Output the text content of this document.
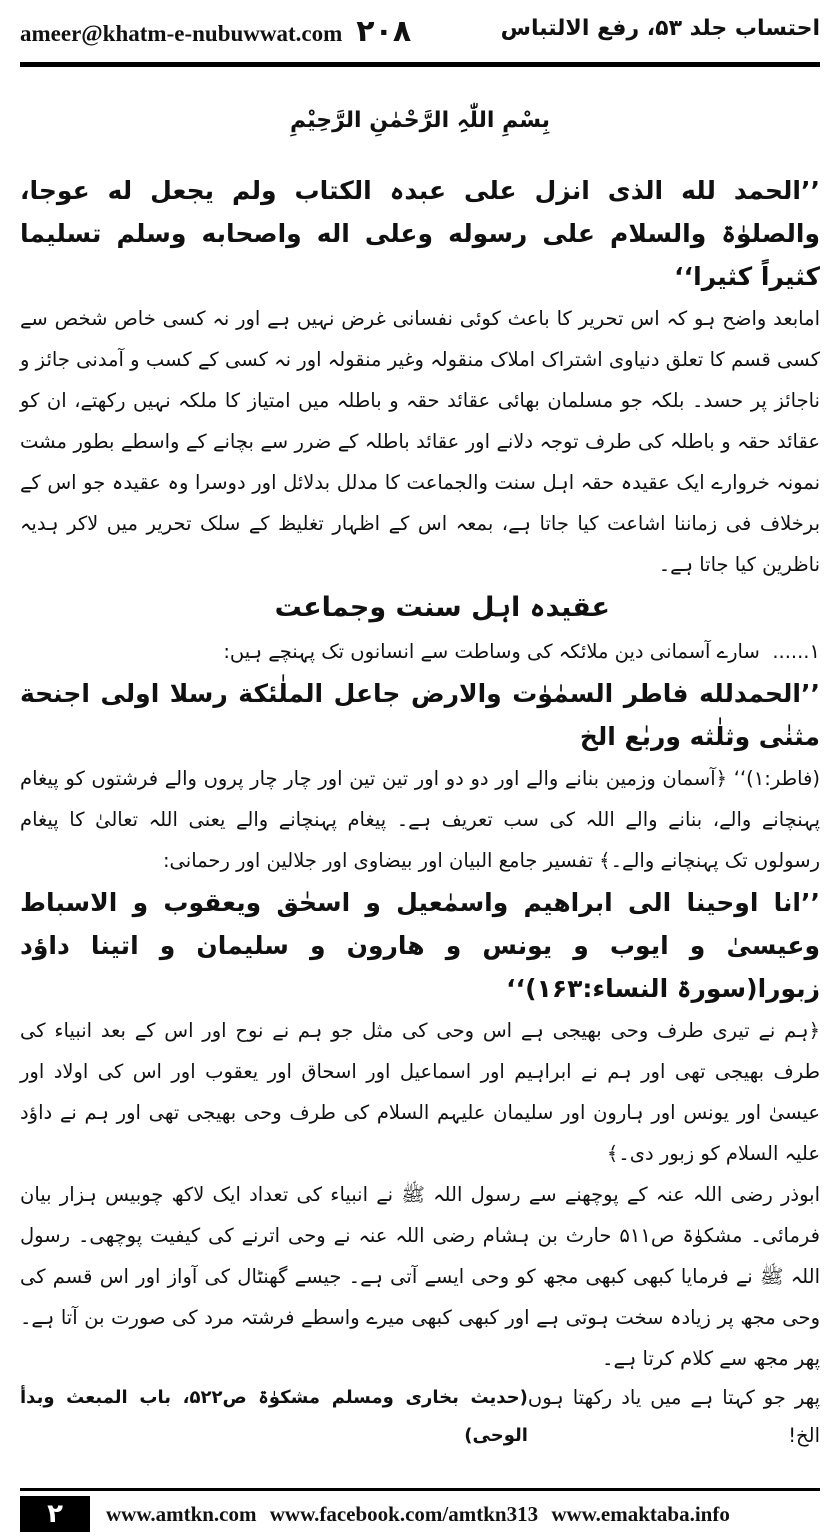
ameer@khatm-e-nubuwwat.com ۲۰۸	احتساب جلد ۵۳، رفع الالتباس
بِسْمِ اللّٰہِ الرَّحْمٰنِ الرَّحِیْمِ

’’الحمد لله الذی انزل علی عبدہ الکتاب ولم یجعل له عوجا، والصلوٰۃ والسلام علی رسوله وعلی اله واصحابه وسلم تسلیما کثیراً کثیرا‘‘

امابعد واضح ہو کہ اس تحریر کا باعث کوئی نفسانی غرض نہیں ہے اور نہ کسی خاص شخص سے کسی قسم کا تعلق دنیاوی اشتراک املاک منقولہ وغیر منقولہ اور نہ کسی کے کسب و آمدنی جائز و ناجائز پر حسد۔ بلکہ جو مسلمان بھائی عقائد حقہ و باطلہ میں امتیاز کا ملکہ نہیں رکھتے، ان کو عقائد حقہ و باطلہ کی طرف توجہ دلانے اور عقائد باطلہ کے ضرر سے بچانے کے واسطے بطور مشت نمونہ خروارے ایک عقیدہ حقہ اہل سنت والجماعت کا مدلل بدلائل اور دوسرا وہ عقیدہ جو اس کے برخلاف فی زماننا اشاعت کیا جاتا ہے، بمعہ اس کے اظہار تغلیظ کے سلک تحریر میں لاکر ہدیہ ناظرین کیا جاتا ہے۔

عقیدہ اہل سنت وجماعت

۱...... سارے آسمانی دین ملائکہ کی وساطت سے انسانوں تک پہنچے ہیں:

’’الحمدلله فاطر السمٰوٰت والارض جاعل الملٰئکة رسلا اولی اجنحة مثنٰی وثلٰثه وربٰع الخ

(فاطر:۱)‘‘ ﴿آسمان وزمین بنانے والے اور دو دو اور تین تین اور چار چار پروں والے فرشتوں کو پیغام پہنچانے والے، بنانے والے اللہ کی سب تعریف ہے۔ پیغام پہنچانے والے یعنی اللہ تعالیٰ کا پیغام رسولوں تک پہنچانے والے۔﴾ تفسیر جامع البیان اور بیضاوی اور جلالین اور رحمانی:

’’انا اوحینا الی ابراهیم واسمٰعیل و اسحٰق ویعقوب و الاسباط وعیسیٰ و ایوب و یونس و هارون و سلیمان و اتینا داؤد زبورا(سورۃ النساء:۱۶۳)‘‘

﴿ہم نے تیری طرف وحی بھیجی ہے اس وحی کی مثل جو ہم نے نوح اور اس کے بعد انبیاء کی طرف بھیجی تھی اور ہم نے ابراہیم اور اسماعیل اور اسحاق اور یعقوب اور اس کی اولاد اور عیسیٰ اور یونس اور ہارون اور سلیمان علیہم السلام کی طرف وحی بھیجی تھی اور ہم نے داؤد علیہ السلام کو زبور دی۔﴾

ابوذر رضی اللہ عنہ کے پوچھنے سے رسول اللہ ﷺ نے انبیاء کی تعداد ایک لاکھ چوبیس ہزار بیان فرمائی۔ مشکوٰۃ ص۵۱۱ حارث بن ہشام رضی اللہ عنہ نے وحی اترنے کی کیفیت پوچھی۔ رسول اللہ ﷺ نے فرمایا کبھی کبھی مجھ کو وحی ایسے آتی ہے۔ جیسے گھنٹال کی آواز اور اس قسم کی وحی مجھ پر زیادہ سخت ہوتی ہے اور کبھی کبھی میرے واسطے فرشتہ مرد کی صورت بن آتا ہے۔ پھر مجھ سے کلام کرتا ہے۔

پھر جو کہتا ہے میں یاد رکھتا ہوں الخ!
(حدیث بخاری ومسلم مشکوٰۃ ص۵۲۲، باب المبعث وبدأ الوحی)
۲	www.amtkn.com www.facebook.com/amtkn313 www.emaktaba.info
